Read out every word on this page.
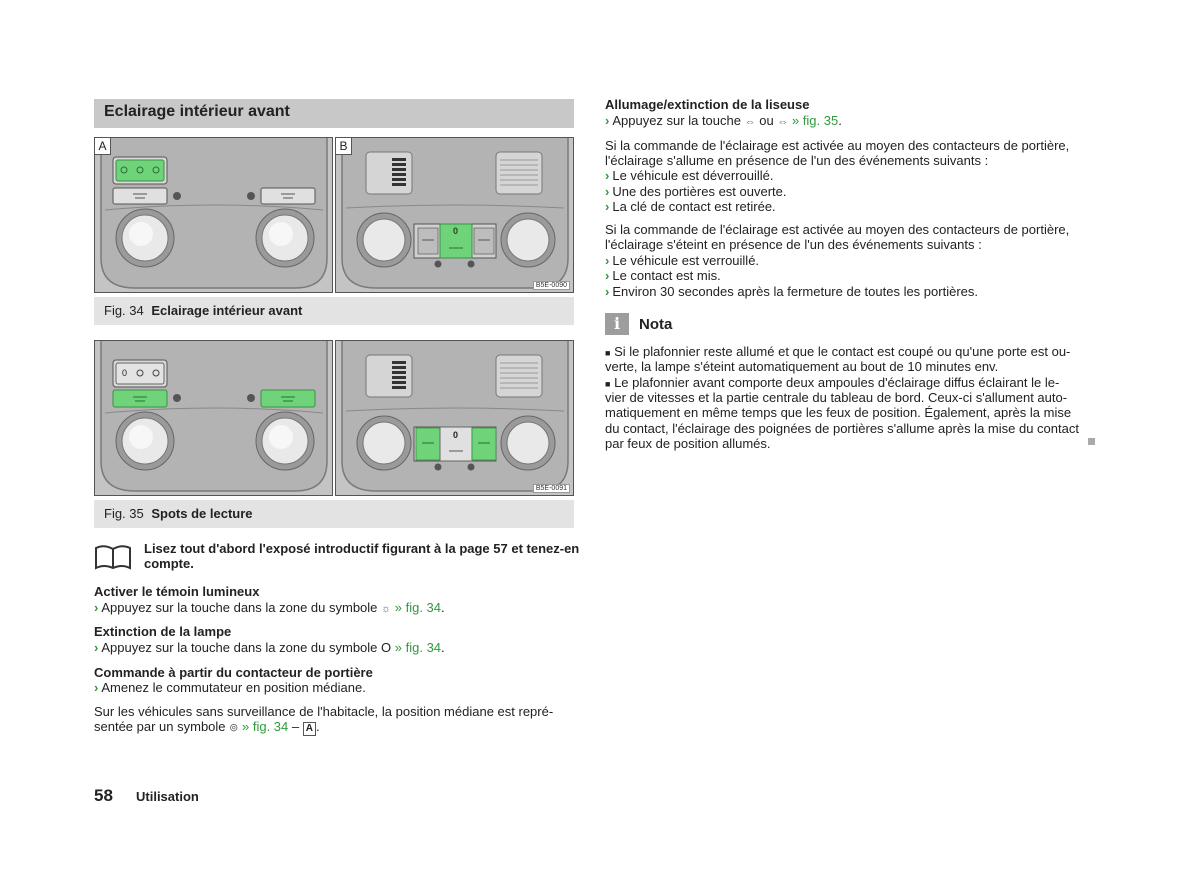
Eclairage intérieur avant
A	B
0
B5E-0090
Fig. 34 Eclairage intérieur avant
0
0
B5E-0091
Fig. 35 Spots de lecture
Lisez tout d'abord l'exposé introductif figurant à la page 57 et tenez-en
compte.
Activer le témoin lumineux
› Appuyez sur la touche dans la zone du symbole ☼ » fig. 34.
Extinction de la lampe
› Appuyez sur la touche dans la zone du symbole O » fig. 34.
Commande à partir du contacteur de portière
› Amenez le commutateur en position médiane.
Sur les véhicules sans surveillance de l'habitacle, la position médiane est repré-
sentée par un symbole ⊚ » fig. 34 – A .
Allumage/extinction de la liseuse
› Appuyez sur la touche ⇔ ou ⇔ » fig. 35.
Si la commande de l'éclairage est activée au moyen des contacteurs de portière,
l'éclairage s'allume en présence de l'un des événements suivants :
› Le véhicule est déverrouillé.
› Une des portières est ouverte.
› La clé de contact est retirée.
Si la commande de l'éclairage est activée au moyen des contacteurs de portière,
l'éclairage s'éteint en présence de l'un des événements suivants :
› Le véhicule est verrouillé.
› Le contact est mis.
› Environ 30 secondes après la fermeture de toutes les portières.
i	Nota
■ Si le plafonnier reste allumé et que le contact est coupé ou qu'une porte est ou-
verte, la lampe s'éteint automatiquement au bout de 10 minutes env.
■ Le plafonnier avant comporte deux ampoules d'éclairage diffus éclairant le le-
vier de vitesses et la partie centrale du tableau de bord. Ceux-ci s'allument auto-
matiquement en même temps que les feux de position. Également, après la mise
du contact, l'éclairage des poignées de portières s'allume après la mise du contact
par feux de position allumés.
58 Utilisation
